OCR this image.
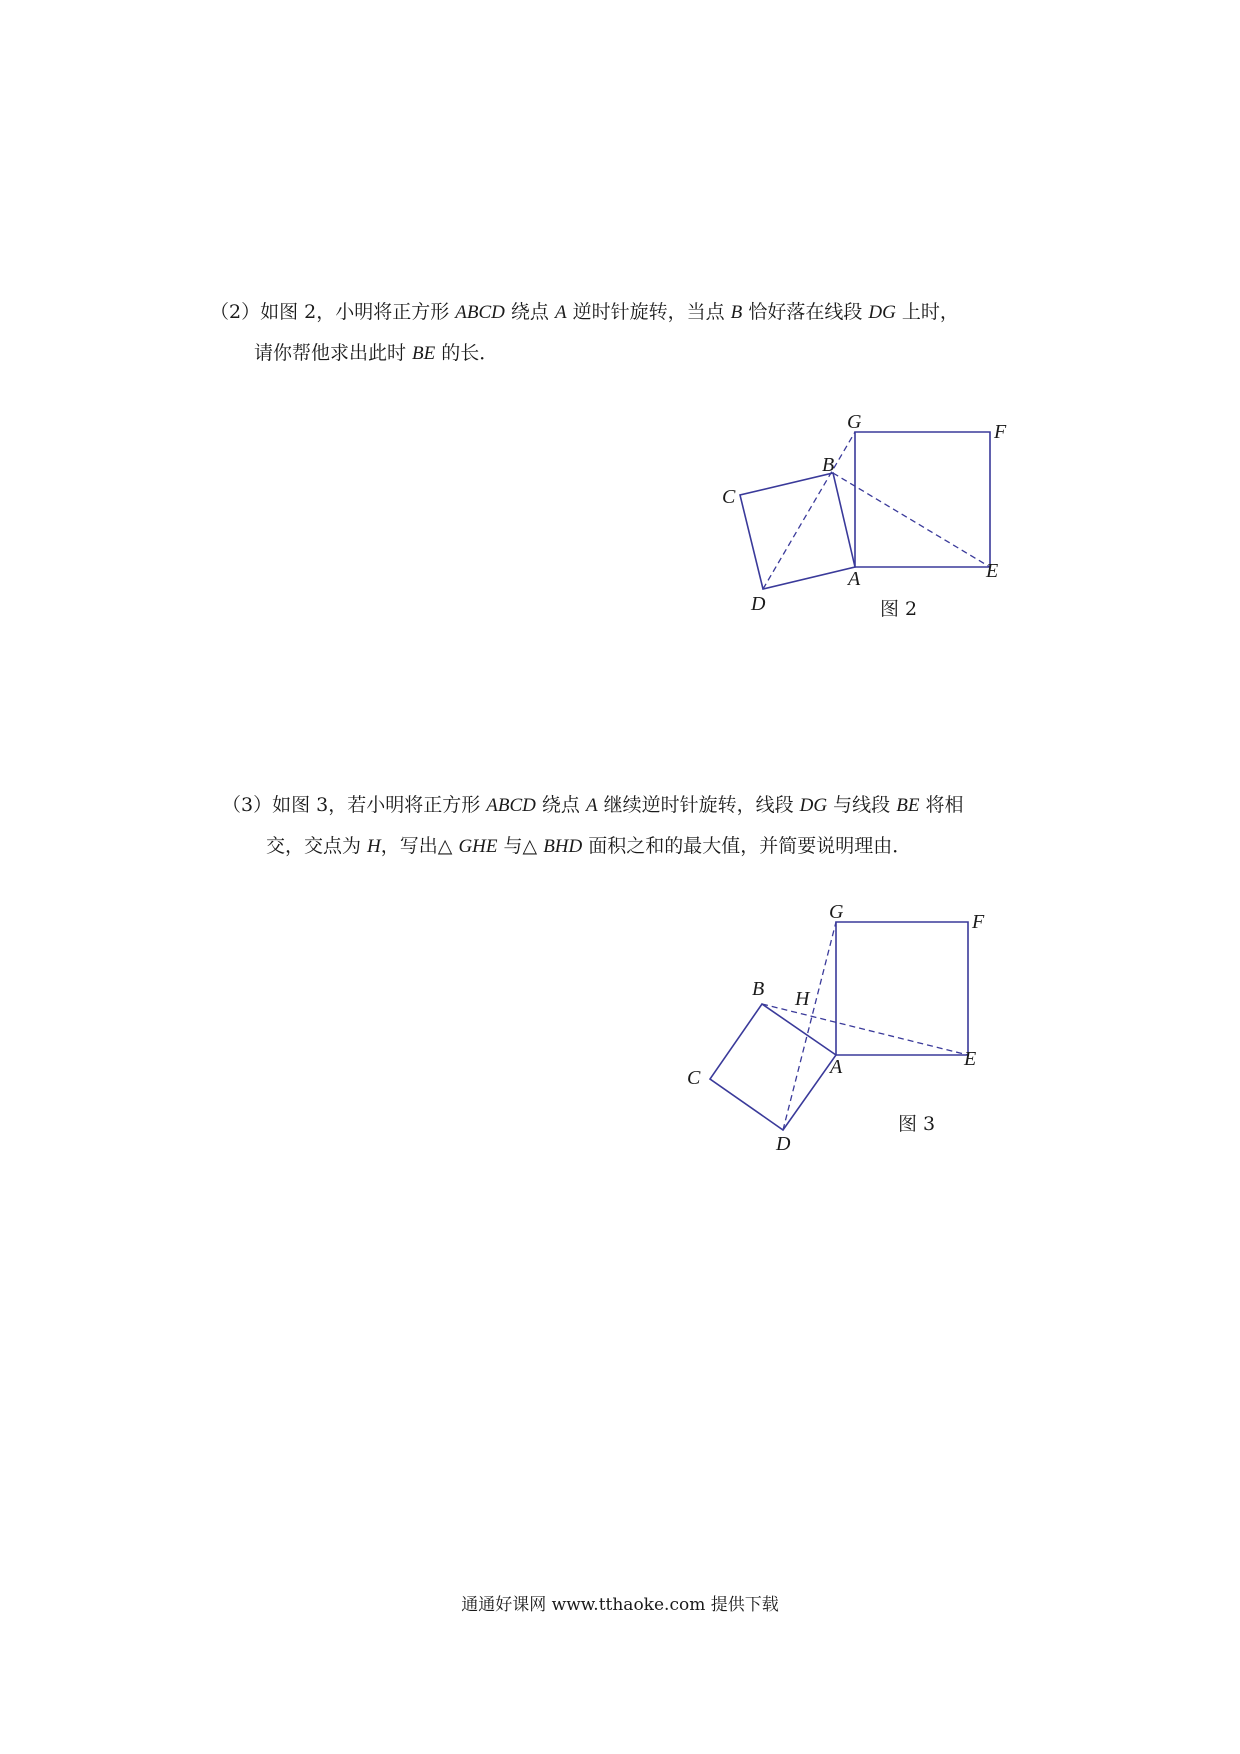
（2）如图 2，小明将正方形 ABCD 绕点 A 逆时针旋转，当点 B 恰好落在线段 DG 上时，
请你帮他求出此时 BE 的长．
G	F
B
C
A	E
D	图 2
（3）如图 3，若小明将正方形 ABCD 绕点 A 继续逆时针旋转，线段 DG 与线段 BE 将相
交，交点为 H，写出△ GHE 与△ BHD 面积之和的最大值，并简要说明理由．
G	F
B H
C	A	E
D
图 3
通通好课网 www.tthaoke.com 提供下载
